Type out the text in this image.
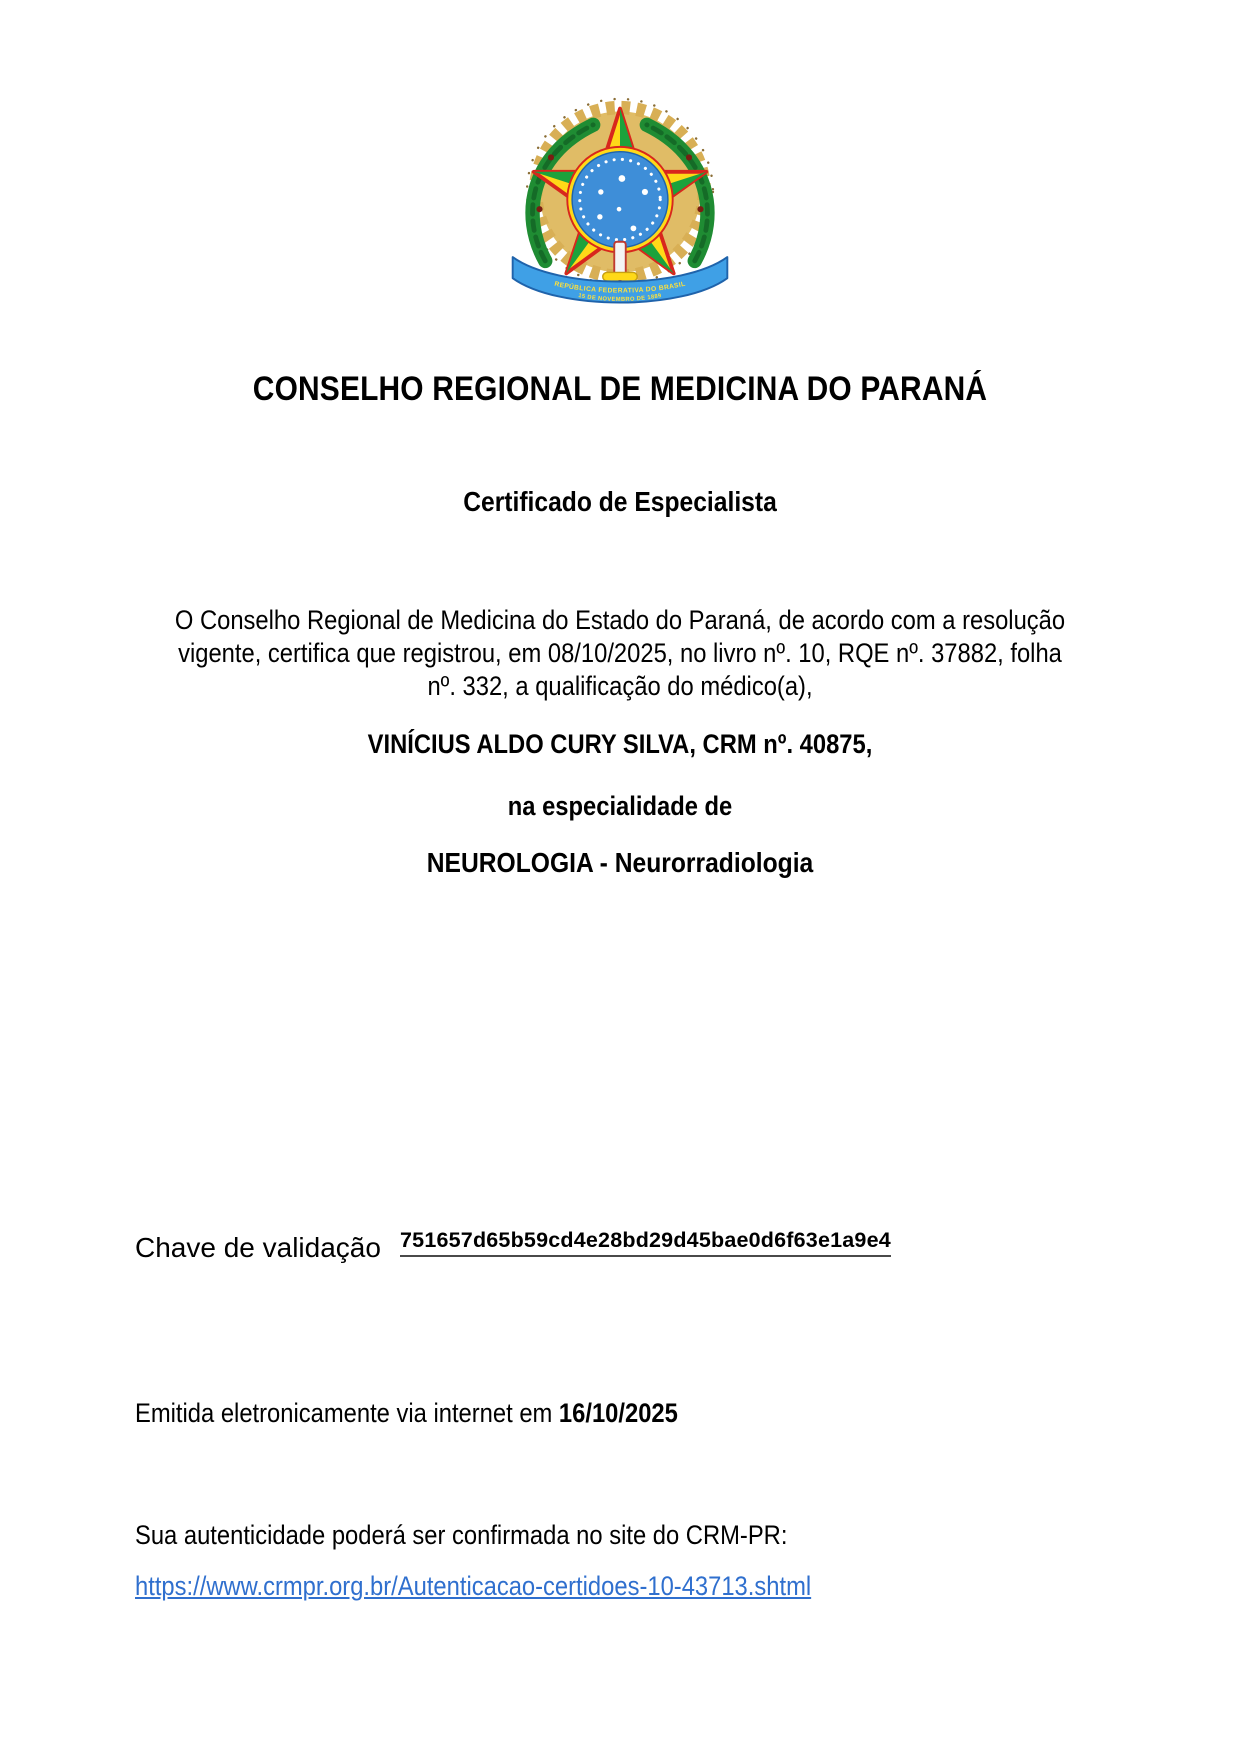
REPÚBLICA FEDERATIVA DO BRASIL
15 DE NOVEMBRO DE 1889
CONSELHO REGIONAL DE MEDICINA DO PARANÁ
Certificado de Especialista
O Conselho Regional de Medicina do Estado do Paraná, de acordo com a resolução
vigente, certifica que registrou, em 08/10/2025, no livro nº. 10, RQE nº. 37882, folha
nº. 332, a qualificação do médico(a),
VINÍCIUS ALDO CURY SILVA, CRM nº. 40875,
na especialidade de
NEUROLOGIA - Neurorradiologia
Chave de validação 751657d65b59cd4e28bd29d45bae0d6f63e1a9e4
Emitida eletronicamente via internet em 16/10/2025
Sua autenticidade poderá ser confirmada no site do CRM-PR:
https://www.crmpr.org.br/Autenticacao-certidoes-10-43713.shtml
